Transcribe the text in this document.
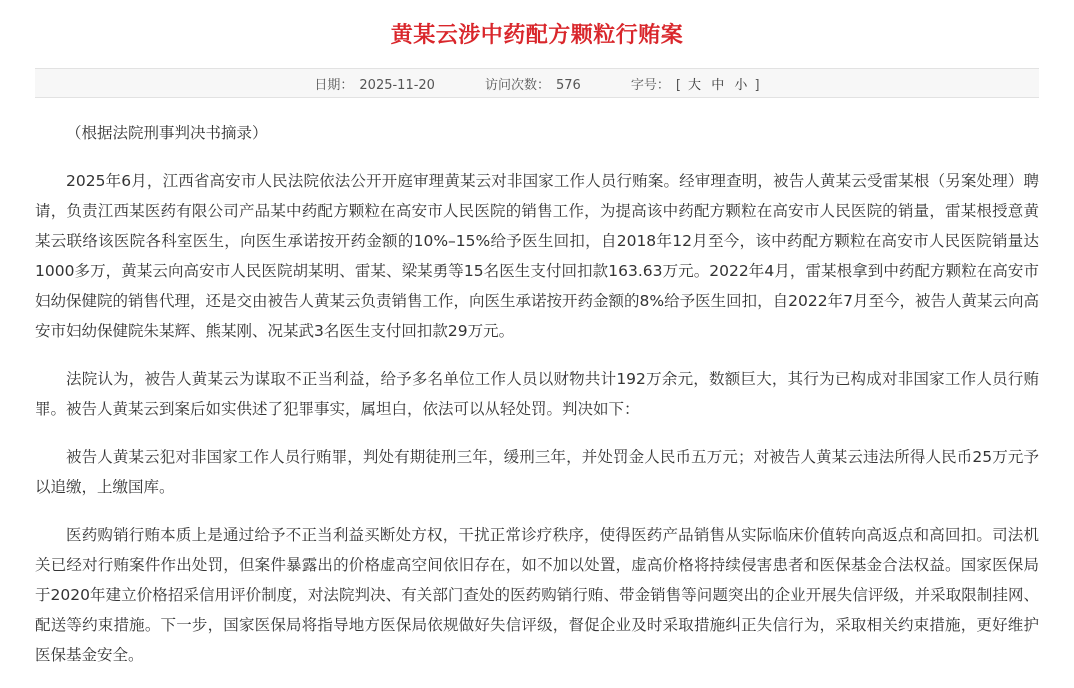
黄某云涉中药配方颗粒行贿案
日期： 2025-11-20	访问次数： 576	字号： [ 大 中 小 ]

（根据法院刑事判决书摘录）

2025年6月，江西省高安市人民法院依法公开开庭审理黄某云对非国家工作人员行贿案。经审理查明，被告人黄某云受雷某根（另案处理）聘请，负责江西某医药有限公司产品某中药配方颗粒在高安市人民医院的销售工作，为提高该中药配方颗粒在高安市人民医院的销量，雷某根授意黄某云联络该医院各科室医生，向医生承诺按开药金额的10%–15%给予医生回扣，自2018年12月至今，该中药配方颗粒在高安市人民医院销量达1000多万，黄某云向高安市人民医院胡某明、雷某、梁某勇等15名医生支付回扣款163.63万元。2022年4月，雷某根拿到中药配方颗粒在高安市妇幼保健院的销售代理，还是交由被告人黄某云负责销售工作，向医生承诺按开药金额的8%给予医生回扣，自2022年7月至今，被告人黄某云向高安市妇幼保健院朱某辉、熊某刚、况某武3名医生支付回扣款29万元。

法院认为，被告人黄某云为谋取不正当利益，给予多名单位工作人员以财物共计192万余元，数额巨大，其行为已构成对非国家工作人员行贿罪。被告人黄某云到案后如实供述了犯罪事实，属坦白，依法可以从轻处罚。判决如下：

被告人黄某云犯对非国家工作人员行贿罪，判处有期徒刑三年，缓刑三年，并处罚金人民币五万元；对被告人黄某云违法所得人民币25万元予以追缴，上缴国库。

医药购销行贿本质上是通过给予不正当利益买断处方权，干扰正常诊疗秩序，使得医药产品销售从实际临床价值转向高返点和高回扣。司法机关已经对行贿案件作出处罚，但案件暴露出的价格虚高空间依旧存在，如不加以处置，虚高价格将持续侵害患者和医保基金合法权益。国家医保局于2020年建立价格招采信用评价制度，对法院判决、有关部门查处的医药购销行贿、带金销售等问题突出的企业开展失信评级，并采取限制挂网、配送等约束措施。下一步，国家医保局将指导地方医保局依规做好失信评级，督促企业及时采取措施纠正失信行为，采取相关约束措施，更好维护医保基金安全。
